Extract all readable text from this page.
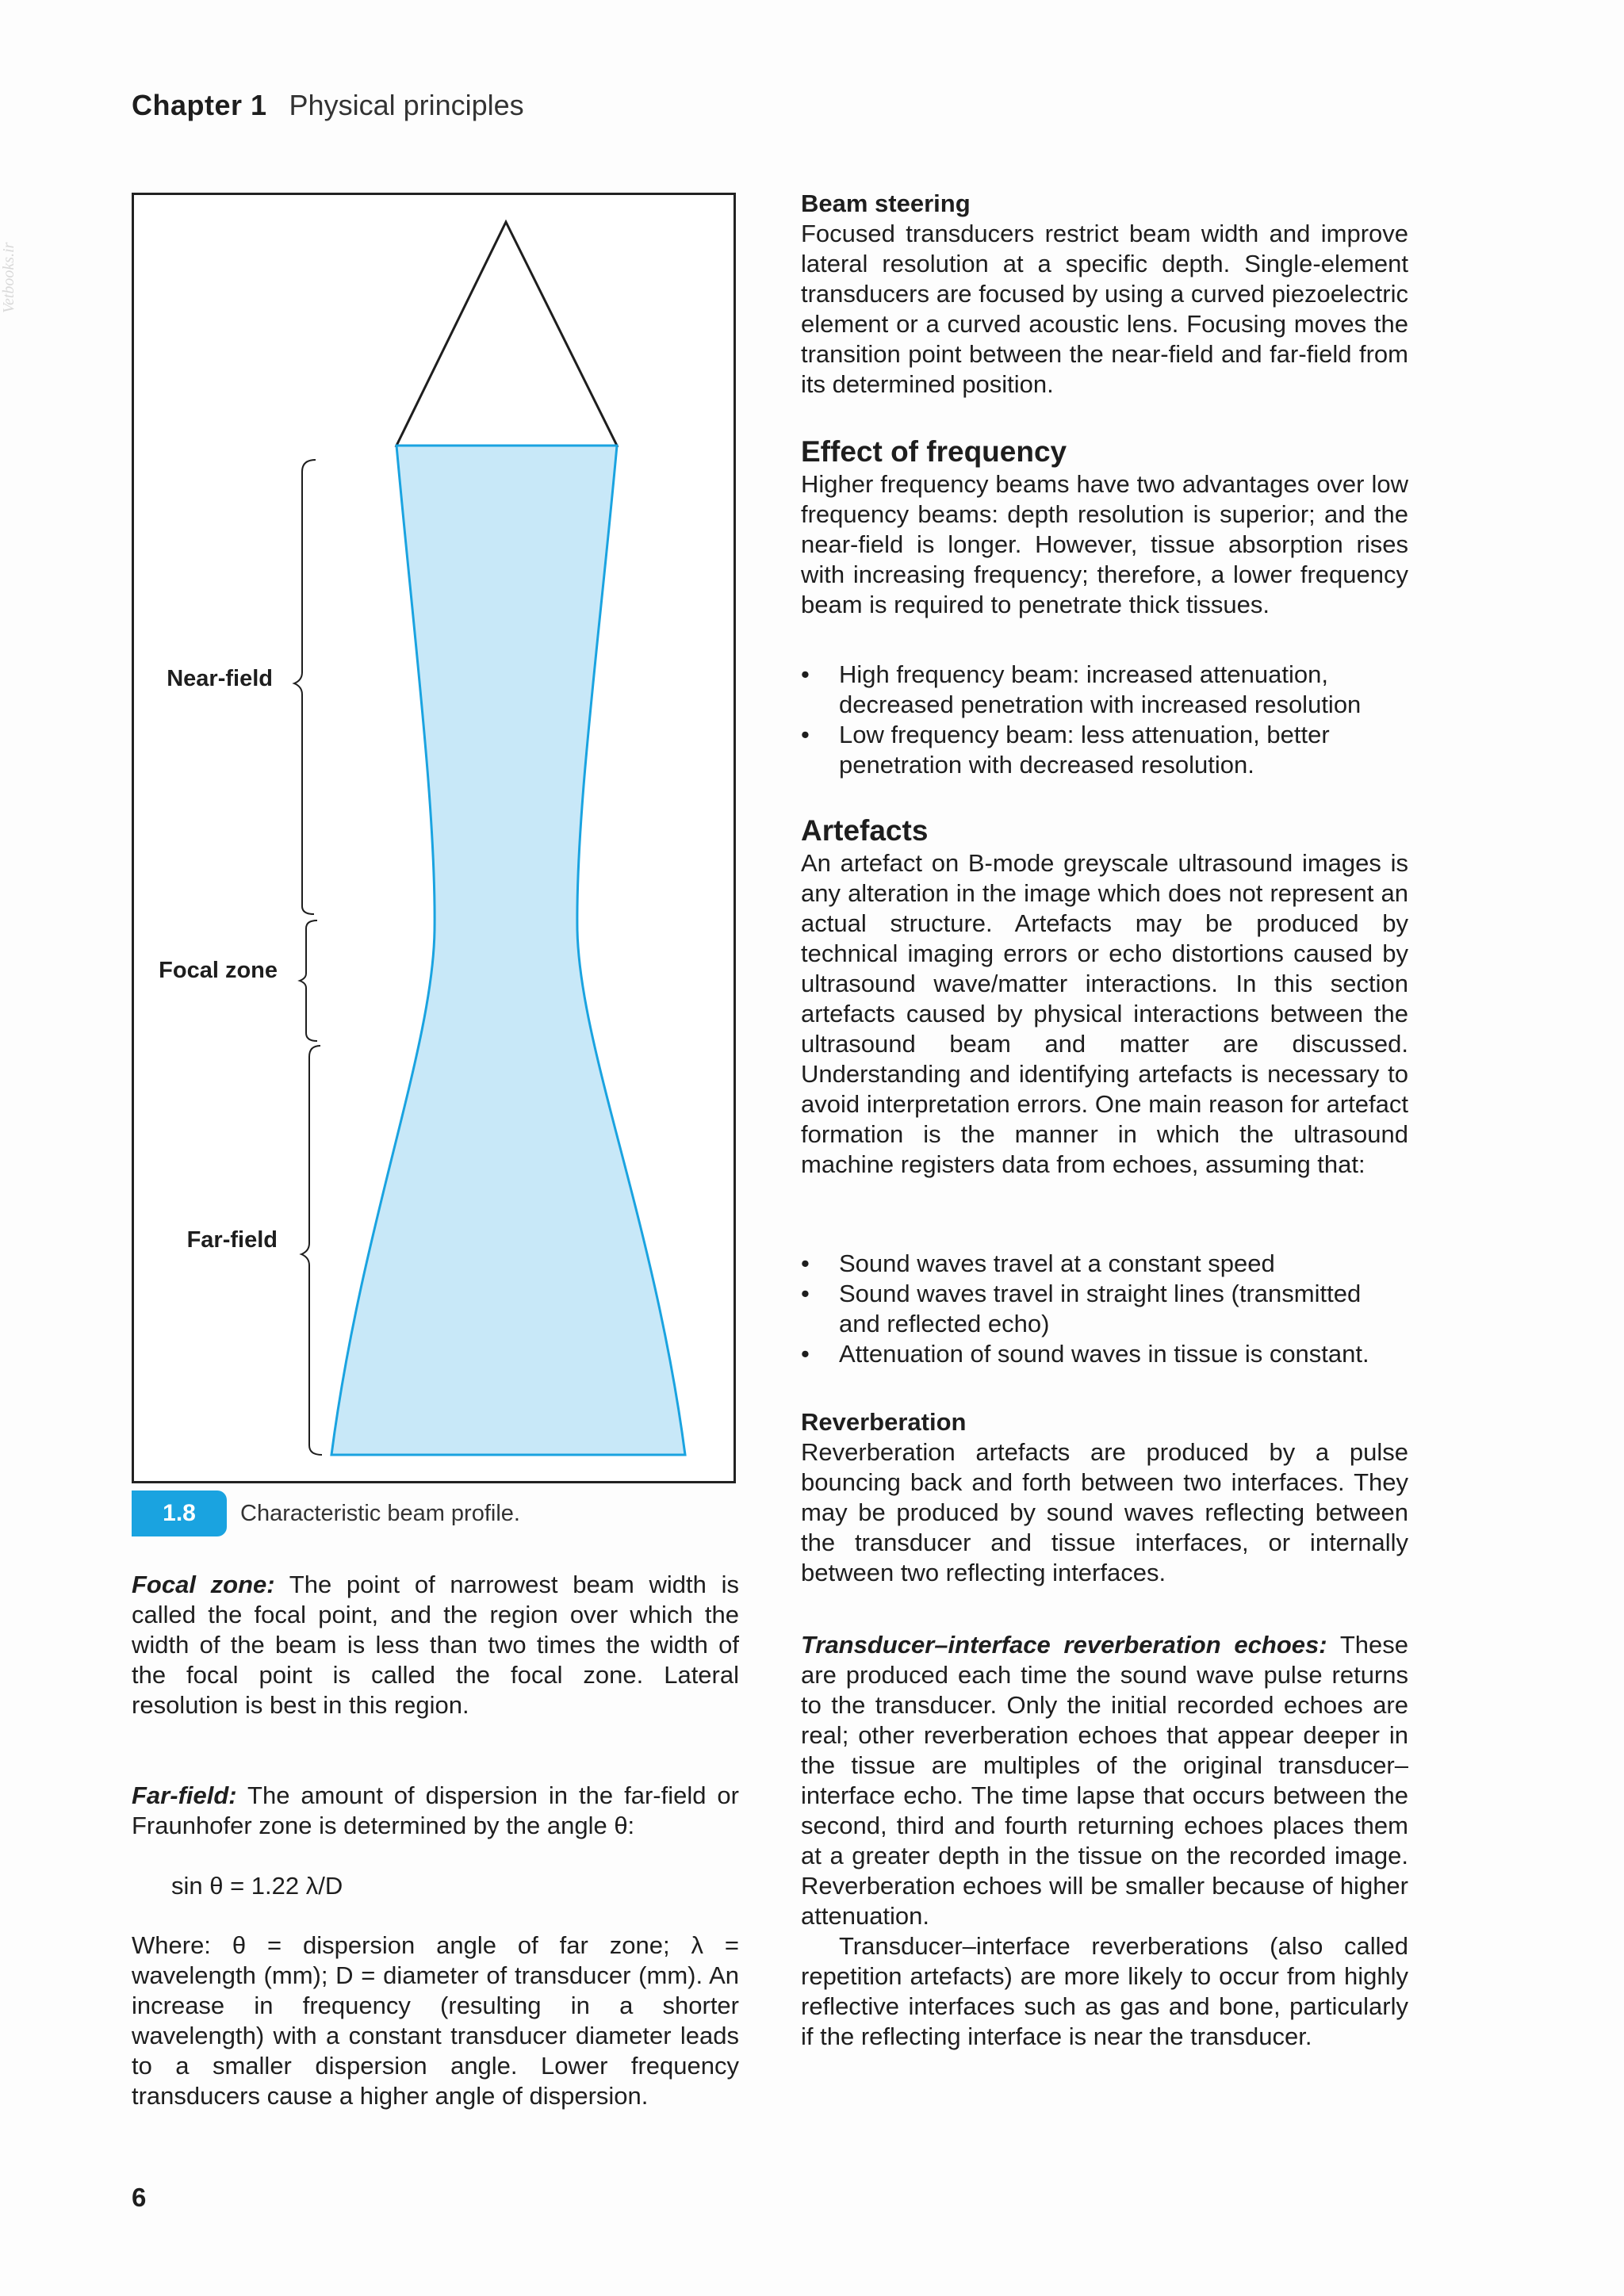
Chapter 1 Physical principles
Vetbooks.ir
Near-field
Focal zone
Far-field
1.8	Characteristic beam profile.

Focal zone: The point of narrowest beam width is called the focal point, and the region over which the width of the beam is less than two times the width of the focal point is called the focal zone. Lateral resolution is best in this region.

Far-field: The amount of dispersion in the far-field or Fraunhofer zone is determined by the angle θ:

sin θ = 1.22 λ/D

Where: θ = dispersion angle of far zone; λ = wavelength (mm); D = diameter of transducer (mm). An increase in frequency (resulting in a shorter wavelength) with a constant transducer diameter leads to a smaller dispersion angle. Lower frequency transducers cause a higher angle of dispersion.

Beam steering

Focused transducers restrict beam width and improve lateral resolution at a specific depth. Single-element transducers are focused by using a curved piezoelectric element or a curved acoustic lens. Focusing moves the transition point between the near-field and far-field from its determined position.

Effect of frequency

Higher frequency beams have two advantages over low frequency beams: depth resolution is superior; and the near-field is longer. However, tissue absorption rises with increasing frequency; therefore, a lower frequency beam is required to penetrate thick tissues.

• High frequency beam: increased attenuation, decreased penetration with increased resolution
• Low frequency beam: less attenuation, better penetration with decreased resolution.
Artefacts

An artefact on B-mode greyscale ultrasound images is any alteration in the image which does not represent an actual structure. Artefacts may be produced by technical imaging errors or echo distortions caused by ultrasound wave/matter interactions. In this section artefacts caused by physical interactions between the ultrasound beam and matter are discussed. Understanding and identifying artefacts is necessary to avoid interpretation errors. One main reason for artefact formation is the manner in which the ultrasound machine registers data from echoes, assuming that:

• Sound waves travel at a constant speed
• Sound waves travel in straight lines (transmitted and reflected echo)
• Attenuation of sound waves in tissue is constant.
Reverberation

Reverberation artefacts are produced by a pulse bouncing back and forth between two interfaces. They may be produced by sound waves reflecting between the transducer and tissue interfaces, or internally between two reflecting interfaces.

Transducer–interface reverberation echoes: These are produced each time the sound wave pulse returns to the transducer. Only the initial recorded echoes are real; other reverberation echoes that appear deeper in the tissue are multiples of the original transducer–interface echo. The time lapse that occurs between the second, third and fourth returning echoes places them at a greater depth in the tissue on the recorded image. Reverberation echoes will be smaller because of higher attenuation.

Transducer–interface reverberations (also called repetition artefacts) are more likely to occur from highly reflective interfaces such as gas and bone, particularly if the reflecting interface is near the transducer.

6
